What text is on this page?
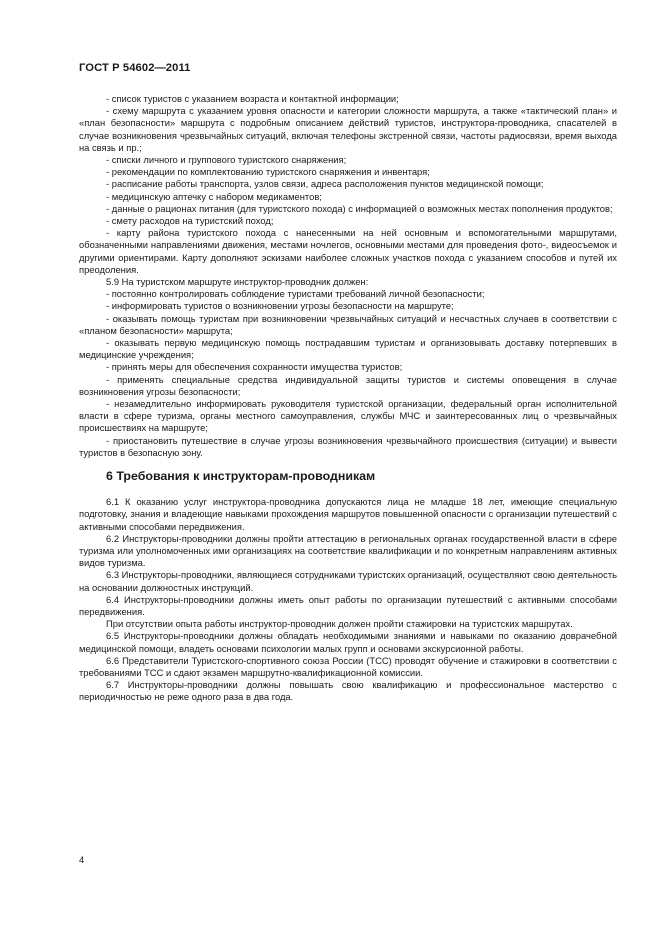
ГОСТ Р 54602—2011

- список туристов с указанием возраста и контактной информации;

- схему маршрута с указанием уровня опасности и категории сложности маршрута, а также «тактический план» и «план безопасности» маршрута с подробным описанием действий туристов, инструктора-проводника, спасателей в случае возникновения чрезвычайных ситуаций, включая телефоны экстренной связи, частоты радиосвязи, время выхода на связь и пр.;

- списки личного и группового туристского снаряжения;

- рекомендации по комплектованию туристского снаряжения и инвентаря;

- расписание работы транспорта, узлов связи, адреса расположения пунктов медицинской помощи;

- медицинскую аптечку с набором медикаментов;

- данные о рационах питания (для туристского похода) с информацией о возможных местах пополнения продуктов;

- смету расходов на туристский поход;

- карту района туристского похода с нанесенными на ней основным и вспомогательными маршрутами, обозначенными направлениями движения, местами ночлегов, основными местами для проведения фото-, видеосъемок и другими ориентирами. Карту дополняют эскизами наиболее сложных участков похода с указанием способов и путей их преодоления.

5.9 На туристском маршруте инструктор-проводник должен:

- постоянно контролировать соблюдение туристами требований личной безопасности;

- информировать туристов о возникновении угрозы безопасности на маршруте;

- оказывать помощь туристам при возникновении чрезвычайных ситуаций и несчастных случаев в соответствии с «планом безопасности» маршрута;

- оказывать первую медицинскую помощь пострадавшим туристам и организовывать доставку потерпевших в медицинские учреждения;

- принять меры для обеспечения сохранности имущества туристов;

- применять специальные средства индивидуальной защиты туристов и системы оповещения в случае возникновения угрозы безопасности;

- незамедлительно информировать руководителя туристской организации, федеральный орган исполнительной власти в сфере туризма, органы местного самоуправления, службы МЧС и заинтересованных лиц о чрезвычайных происшествиях на маршруте;

- приостановить путешествие в случае угрозы возникновения чрезвычайного происшествия (ситуации) и вывести туристов в безопасную зону.

6 Требования к инструкторам-проводникам

6.1 К оказанию услуг инструктора-проводника допускаются лица не младше 18 лет, имеющие специальную подготовку, знания и владеющие навыками прохождения маршрутов повышенной опасности с организации путешествий с активными способами передвижения.

6.2 Инструкторы-проводники должны пройти аттестацию в региональных органах государственной власти в сфере туризма или уполномоченных ими организациях на соответствие квалификации и по конкретным направлениям активных видов туризма.

6.3 Инструкторы-проводники, являющиеся сотрудниками туристских организаций, осуществляют свою деятельность на основании должностных инструкций.

6.4 Инструкторы-проводники должны иметь опыт работы по организации путешествий с активными способами передвижения.

При отсутствии опыта работы инструктор-проводник должен пройти стажировки на туристских маршрутах.

6.5 Инструкторы-проводники должны обладать необходимыми знаниями и навыками по оказанию доврачебной медицинской помощи, владеть основами психологии малых групп и основами экскурсионной работы.

6.6 Представители Туристского-спортивного союза России (ТСС) проводят обучение и стажировки в соответствии с требованиями ТСС и сдают экзамен маршрутно-квалификационной комиссии.

6.7 Инструкторы-проводники должны повышать свою квалификацию и профессиональное мастерство с периодичностью не реже одного раза в два года.

4
